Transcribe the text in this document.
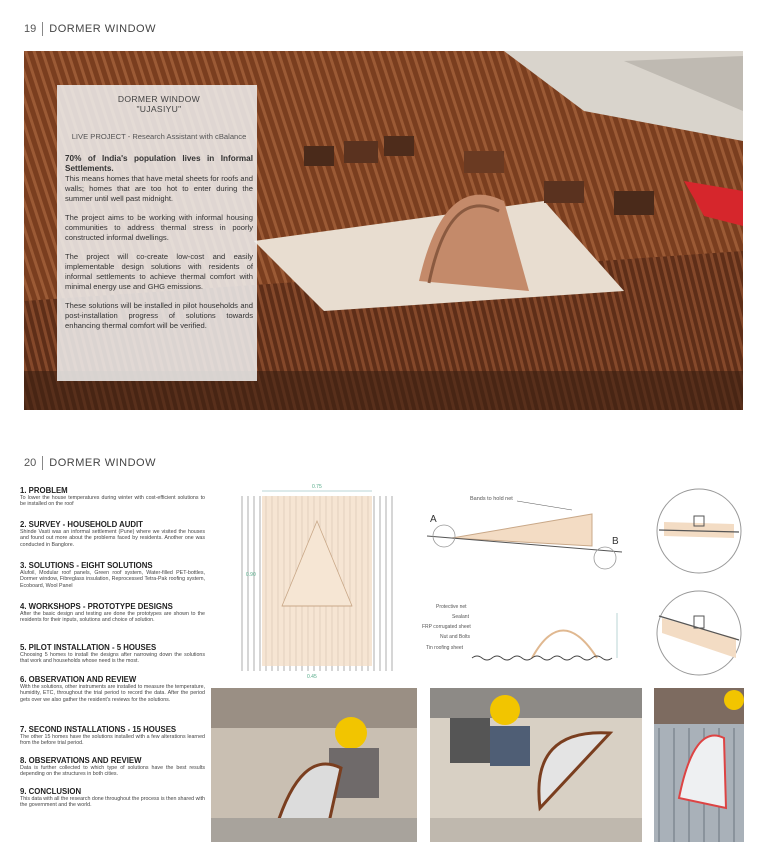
19 DORMER WINDOW
DORMER WINDOW
"UJASIYU"
LIVE PROJECT - Research Assistant with cBalance

70% of India's population lives in Informal Settlements.

This means homes that have metal sheets for roofs and walls; homes that are too hot to enter during the summer until well past midnight.

The project aims to be working with informal housing communities to address thermal stress in poorly constructed informal dwellings.

The project will co-create low-cost and easily implementable design solutions with residents of informal settlements to achieve thermal comfort with minimal energy use and GHG emissions.

These solutions will be installed in pilot households and post-installation progress of solutions towards enhancing thermal comfort will be verified.

20 DORMER WINDOW
1. PROBLEM

To lower the house temperatures during winter with cost-efficient solutions to be installed on the roof

2. SURVEY - HOUSEHOLD AUDIT

Shinde Vasti was an informal settlement (Pune) where we visited the houses and found out more about the problems faced by residents. Another one was conducted in Banglore.

3. SOLUTIONS - EIGHT SOLUTIONS

Alufoil, Modular roof panels, Green roof system, Water-filled PET-bottles, Dormer window, Fibreglass insulation, Reprocessed Tetra-Pak roofing system, Ecoboard, Wool Panel

4. WORKSHOPS - PROTOTYPE DESIGNS

After the basic design and testing are done the prototypes are shown to the residents for their inputs, solutions and choice of solution.

5. PILOT INSTALLATION - 5 HOUSES

Choosing 5 homes to install the designs after narrowing down the solutions that work and households whose need is the most.

6. OBSERVATION AND REVIEW

With the solutions, other instruments are installed to measure the temperature, humidity, ETC, throughout the trial period to record the data. After the period gets over we also gather the resident's reviews for the solutions.

7. SECOND INSTALLATIONS - 15 HOUSES

The other 15 homes have the solutions installed with a few alterations learned from the before trial period.

8. OBSERVATIONS AND REVIEW

Data is further collected to which type of solutions have the best results depending on the structures in both cities.

9. CONCLUSION

This data with all the research done throughout the process is then shared with the government and the world.

0.75
0.90
0.45
Bands to hold net
A
B
Protective net
Sealant
FRP corrugated sheet
Nut and Bolts
Tin roofing sheet
